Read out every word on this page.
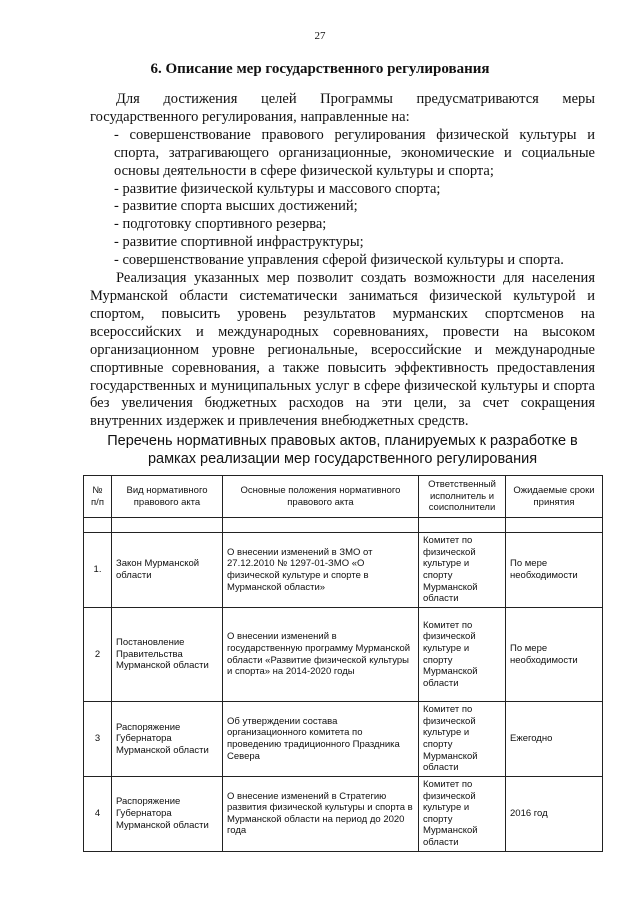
27
6. Описание мер государственного регулирования

Для достижения целей Программы предусматриваются меры государственного регулирования, направленные на:

- совершенствование правового регулирования физической культуры и спорта, затрагивающего организационные, экономические и социальные основы деятельности в сфере физической культуры и спорта;

- развитие физической культуры и массового спорта;

- развитие спорта высших достижений;

- подготовку спортивного резерва;

- развитие спортивной инфраструктуры;

- совершенствование управления сферой физической культуры и спорта.

Реализация указанных мер позволит создать возможности для населения Мурманской области систематически заниматься физической культурой и спортом, повысить уровень результатов мурманских спортсменов на всероссийских и международных соревнованиях, провести на высоком организационном уровне региональные, всероссийские и международные спортивные соревнования, а также повысить эффективность предоставления государственных и муниципальных услуг в сфере физической культуры и спорта без увеличения бюджетных расходов на эти цели, за счет сокращения внутренних издержек и привлечения внебюджетных средств.

Перечень нормативных правовых актов, планируемых к разработке в рамках реализации мер государственного регулирования

№ п/п	Вид нормативного правового акта	Основные положения нормативного правового акта	Ответственный исполнитель и соисполнители	Ожидаемые сроки принятия

1.	Закон Мурманской области	О внесении изменений в ЗМО от 27.12.2010 № 1297-01-ЗМО «О физической культуре и спорте в Мурманской области»	Комитет по физической культуре и спорту Мурманской области	По мере необходимости
2	Постановление Правительства Мурманской области	О внесении изменений в государственную программу Мурманской области «Развитие физической культуры и спорта» на 2014-2020 годы	Комитет по физической культуре и спорту Мурманской области	По мере необходимости
3	Распоряжение Губернатора Мурманской области	Об утверждении состава организационного комитета по проведению традиционного Праздника Севера	Комитет по физической культуре и спорту Мурманской области	Ежегодно
4	Распоряжение Губернатора Мурманской области	О внесение изменений в Стратегию развития физической культуры и спорта в Мурманской области на период до 2020 года	Комитет по физической культуре и спорту Мурманской области	2016 год
